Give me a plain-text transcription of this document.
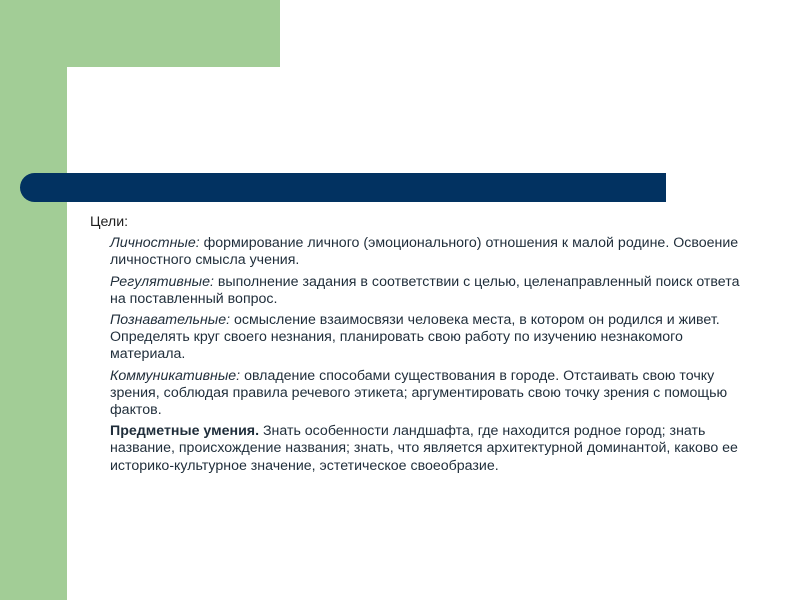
Цели:
Личностные: формирование личного (эмоционального) отношения к малой родине. Освоение личностного смысла учения.
Регулятивные: выполнение задания в соответствии с целью, целенаправленный поиск ответа на поставленный вопрос.
Познавательные: осмысление взаимосвязи человека места, в котором он родился и живет. Определять круг своего незнания, планировать свою работу по изучению незнакомого материала.
Коммуникативные: овладение способами существования в городе. Отстаивать свою точку зрения, соблюдая правила речевого этикета; аргументировать свою точку зрения с помощью фактов.
Предметные умения. Знать особенности ландшафта, где находится родное город; знать название, происхождение названия; знать, что является архитектурной доминантой, каково ее историко-культурное значение, эстетическое своеобразие.
